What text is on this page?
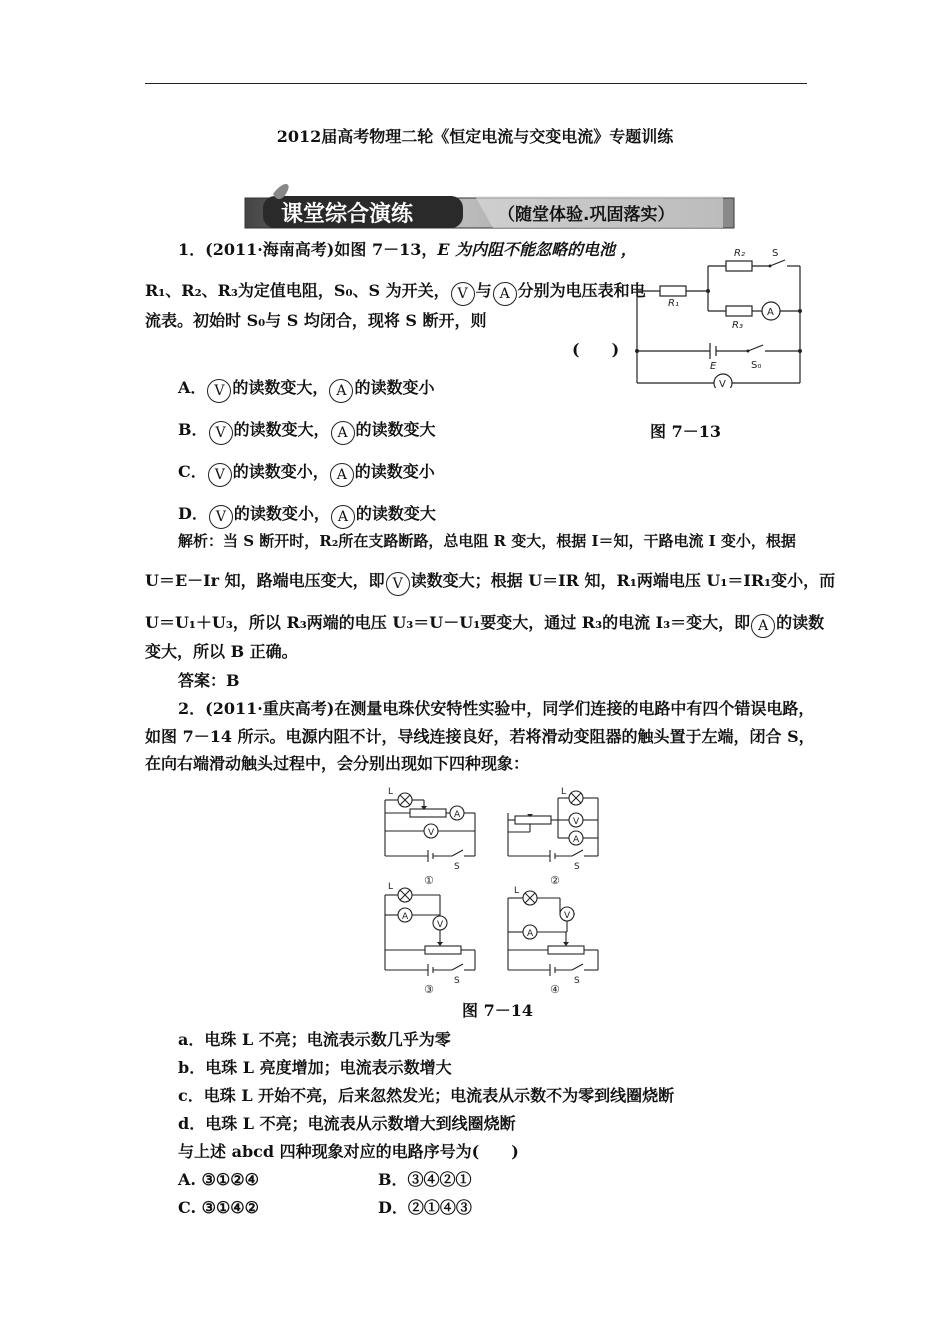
2012届高考物理二轮《恒定电流与交变电流》专题训练
课堂综合演练	（随堂体验.巩固落实）
1．(2011·海南高考)如图 7－13，E 为内阻不能忽略的电池 ，
R₁、R₂、R₃为定值电阻，S₀、S 为开关， V 与 A 分别为电压表和电
流表。初始时 S₀与 S 均闭合，现将 S 断开，则
(　　)
A． V 的读数变大， A 的读数变小
B． V 的读数变大， A 的读数变大
C． V 的读数变小， A 的读数变小
D． V 的读数变小， A 的读数变大
图 7－13
R₁
R₂
R₃
S
S₀
E
A
V
解析：当 S 断开时，R₂所在支路断路，总电阻 R 变大，根据 I＝知，干路电流 I 变小，根据
U＝E－Ir 知，路端电压变大，即 V 读数变大；根据 U＝IR 知，R₁两端电压 U₁＝IR₁变小，而
U＝U₁＋U₃，所以 R₃两端的电压 U₃＝U－U₁要变大，通过 R₃的电流 I₃＝变大，即 A 的读数
变大，所以 B 正确。
答案：B
2．(2011·重庆高考)在测量电珠伏安特性实验中，同学们连接的电路中有四个错误电路，
如图 7－14 所示。电源内阻不计，导线连接良好，若将滑动变阻器的触头置于左端，闭合 S，
在向右端滑动触头过程中，会分别出现如下四种现象：
L	L
L	L
A
V
V
A
A
V
V
A
S	S
S	S
①	②
③	④
图 7－14
a．电珠 L 不亮；电流表示数几乎为零
b．电珠 L 亮度增加；电流表示数增大
c．电珠 L 开始不亮，后来忽然发光；电流表从示数不为零到线圈烧断
d．电珠 L 不亮；电流表从示数增大到线圈烧断
与上述 abcd 四种现象对应的电路序号为(　　)
A. ③①②④	B．③④②①
C. ③①④②	D．②①④③
